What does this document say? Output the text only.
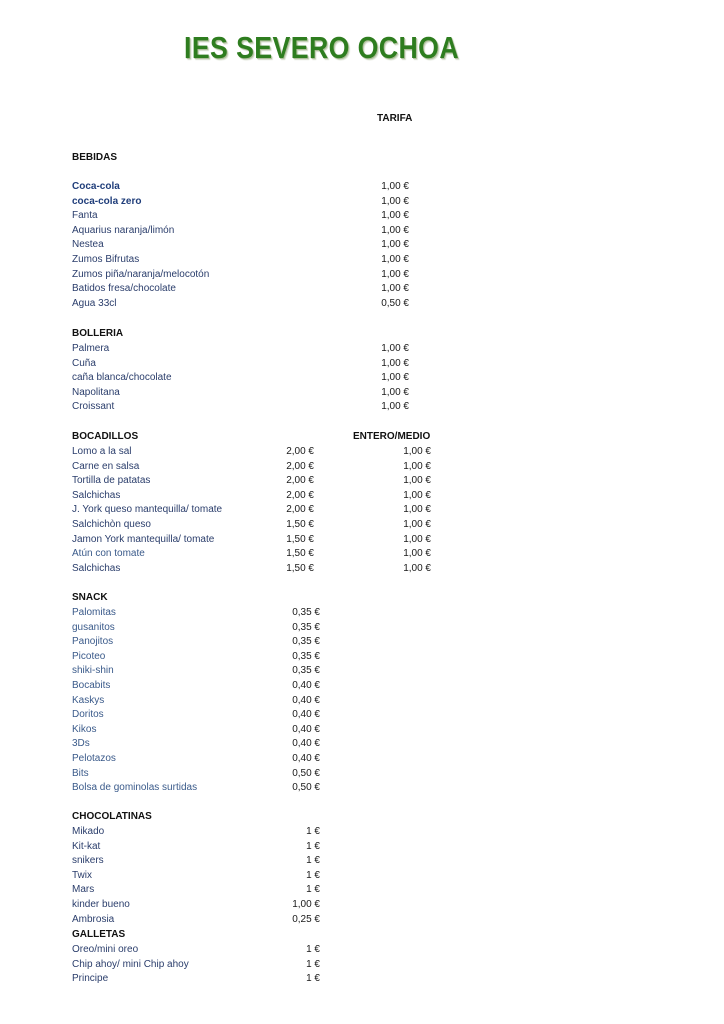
IES SEVERO OCHOA
TARIFA
BEBIDAS
Coca-cola	1,00 €
coca-cola zero	1,00 €
Fanta	1,00 €
Aquarius naranja/limón	1,00 €
Nestea	1,00 €
Zumos Bifrutas	1,00 €
Zumos piña/naranja/melocotón	1,00 €
Batidos fresa/chocolate	1,00 €
Agua 33cl	0,50 €
BOLLERIA
Palmera	1,00 €
Cuña	1,00 €
caña blanca/chocolate	1,00 €
Napolitana	1,00 €
Croissant	1,00 €
BOCADILLOS	ENTERO/MEDIO
Lomo a la sal	2,00 €	1,00 €
Carne en salsa	2,00 €	1,00 €
Tortilla de patatas	2,00 €	1,00 €
Salchichas	2,00 €	1,00 €
J. York queso mantequilla/ tomate	2,00 €	1,00 €
Salchichòn queso	1,50 €	1,00 €
Jamon York mantequilla/ tomate	1,50 €	1,00 €
Atún con tomate	1,50 €	1,00 €
Salchichas	1,50 €	1,00 €
SNACK
Palomitas	0,35 €
gusanitos	0,35 €
Panojitos	0,35 €
Picoteo	0,35 €
shiki-shin	0,35 €
Bocabits	0,40 €
Kaskys	0,40 €
Doritos	0,40 €
Kikos	0,40 €
3Ds	0,40 €
Pelotazos	0,40 €
Bits	0,50 €
Bolsa de gominolas surtidas	0,50 €
CHOCOLATINAS
Mikado	1 €
Kit-kat	1 €
snikers	1 €
Twix	1 €
Mars	1 €
kinder bueno	1,00 €
Ambrosia	0,25 €
GALLETAS
Oreo/mini oreo	1 €
Chip ahoy/ mini Chip ahoy	1 €
Principe	1 €
